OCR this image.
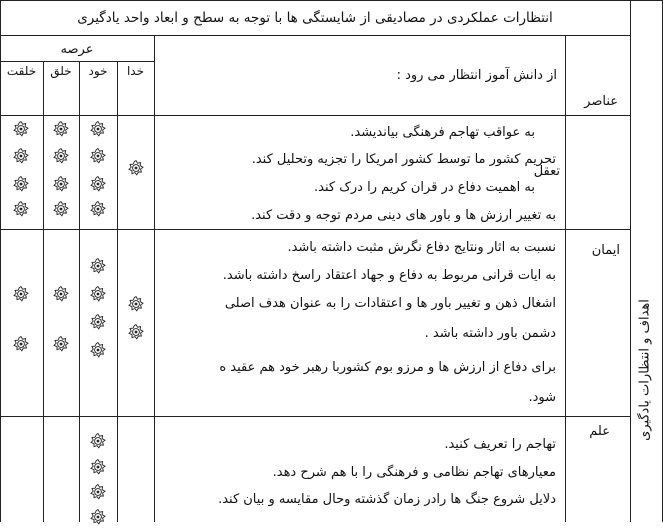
انتظارات عملکردی در مصادیقی از شایستگی ها با توجه به سطح و ابعاد واحد یادگیری
عرصه
خدا
خود
خلق
خلقت	از دانش آموز انتظار می رود :
عناصر
اهداف و انتظارات یادگیری
تعقل
به عواقب تهاجم فرهنگی بیاندیشد.
تحریم کشور ما توسط کشور امریکا را تجزیه وتحلیل کند.
به اهمیت دفاع در قران کریم را درک کند.
به تغییر ارزش ها و باور های دینی مردم توجه و دقت کند.
ایمان
نسبت به اثار ونتایج دفاع نگرش مثبت داشته باشد.
به ایات قرانی مربوط به دفاع و جهاد اعتقاد راسخ داشته باشد.
اشغال ذهن و تغییر باور ها و اعتقادات را به عنوان هدف اصلی
دشمن باور داشته باشد .
برای دفاع از ارزش ها و مرزو بوم کشوربا رهبر خود هم عقید ه
شود.
علم
تهاجم را تعریف کنید.
معیارهای تهاجم نظامی و فرهنگی را با هم شرح دهد.
دلایل شروع جنگ ها رادر زمان گذشته وحال مقایسه و بیان کند.
